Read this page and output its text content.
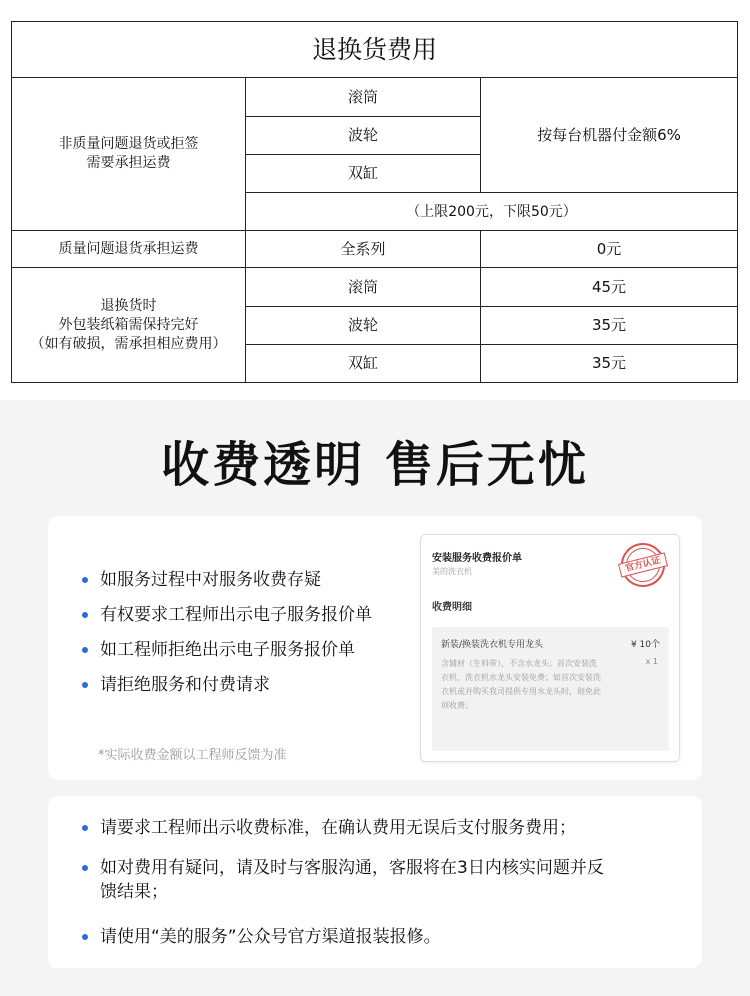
退换货费用		

非质量问题退货或拒签
需要承担运费	滚筒	按每台机器付金额6%
	波轮	
	双缸	
	（上限200元，下限50元）	
质量问题退货承担运费	全系列	0元

退换货时
外包装纸箱需保持完好
（如有破损，需承担相应费用）	滚筒	45元
	波轮	35元
	双缸	35元
收费透明 售后无忧
如服务过程中对服务收费存疑
有权要求工程师出示电子服务报价单
如工程师拒绝出示电子服务报价单
请拒绝服务和付费请求
*实际收费金额以工程师反馈为准
安装服务收费报价单
美的洗衣机	官方认证
收费明细
新装/换装洗衣机专用龙头	¥ 10个
x 1
含辅材（生料带），不含水龙头；首次安装洗衣机、洗衣机水龙头安装免费；如首次安装洗衣机或并购买我司提供专用水龙头时，则免此项收费；
请要求工程师出示收费标准，在确认费用无误后支付服务费用；
如对费用有疑问，请及时与客服沟通，客服将在3日内核实问题并反
馈结果；
请使用“美的服务”公众号官方渠道报装报修。
